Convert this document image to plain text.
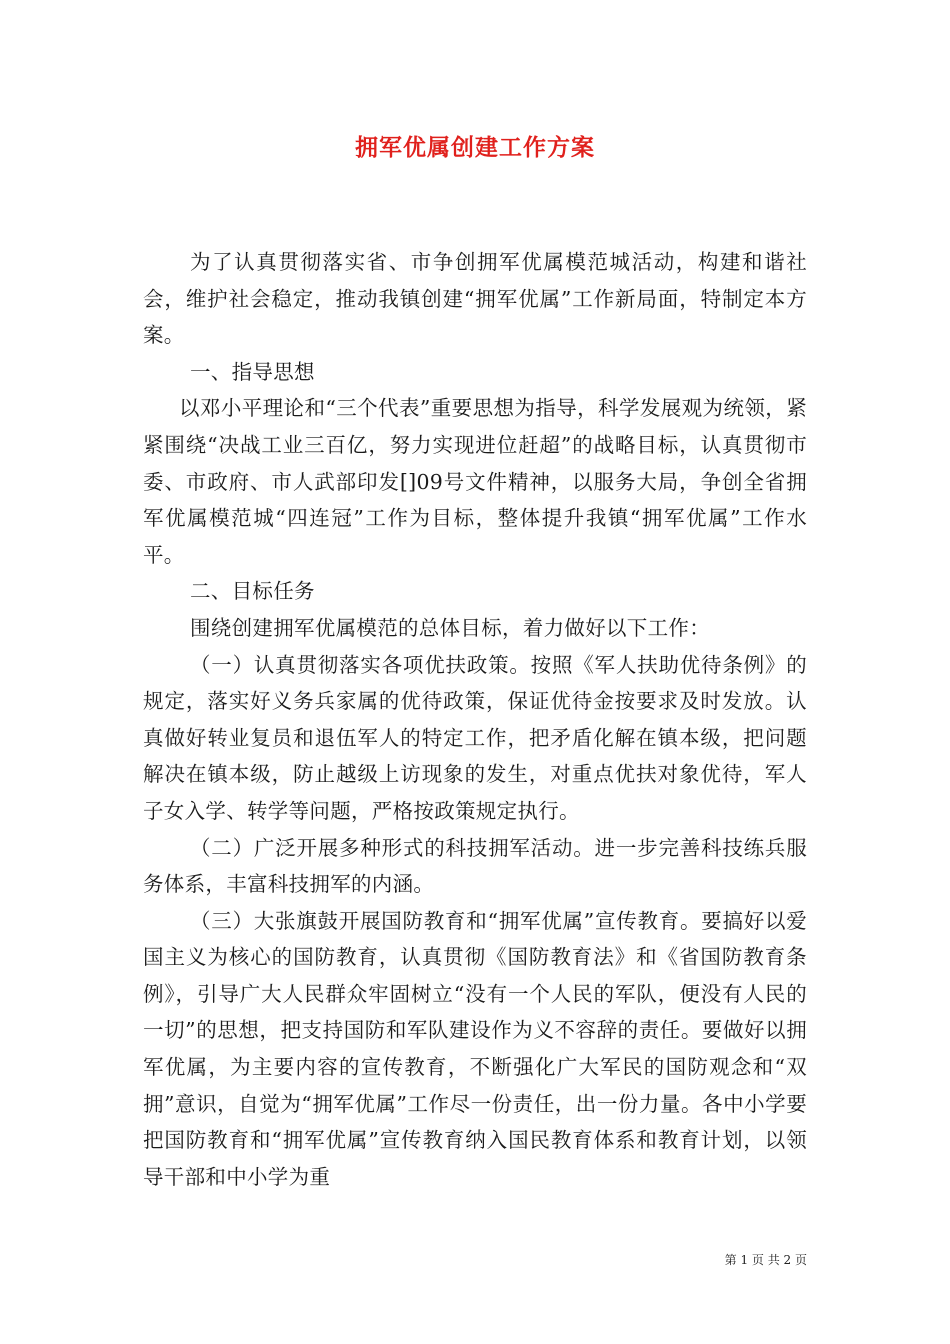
拥军优属创建工作方案

为了认真贯彻落实省、市争创拥军优属模范城活动，构建和谐社会，维护社会稳定，推动我镇创建“拥军优属”工作新局面，特制定本方案。

一、指导思想

以邓小平理论和“三个代表”重要思想为指导，科学发展观为统领，紧紧围绕“决战工业三百亿，努力实现进位赶超”的战略目标，认真贯彻市委、市政府、市人武部印发[]09号文件精神，以服务大局，争创全省拥军优属模范城“四连冠”工作为目标，整体提升我镇“拥军优属”工作水平。

二、目标任务

围绕创建拥军优属模范的总体目标，着力做好以下工作：

（一）认真贯彻落实各项优扶政策。按照《军人扶助优待条例》的规定，落实好义务兵家属的优待政策，保证优待金按要求及时发放。认真做好转业复员和退伍军人的特定工作，把矛盾化解在镇本级，把问题解决在镇本级，防止越级上访现象的发生，对重点优扶对象优待，军人子女入学、转学等问题，严格按政策规定执行。

（二）广泛开展多种形式的科技拥军活动。进一步完善科技练兵服务体系，丰富科技拥军的内涵。

（三）大张旗鼓开展国防教育和“拥军优属”宣传教育。要搞好以爱国主义为核心的国防教育，认真贯彻《国防教育法》和《省国防教育条例》，引导广大人民群众牢固树立“没有一个人民的军队，便没有人民的一切”的思想，把支持国防和军队建设作为义不容辞的责任。要做好以拥军优属，为主要内容的宣传教育，不断强化广大军民的国防观念和“双拥”意识，自觉为“拥军优属”工作尽一份责任，出一份力量。各中小学要把国防教育和“拥军优属”宣传教育纳入国民教育体系和教育计划，以领导干部和中小学为重

第 1 页 共 2 页
